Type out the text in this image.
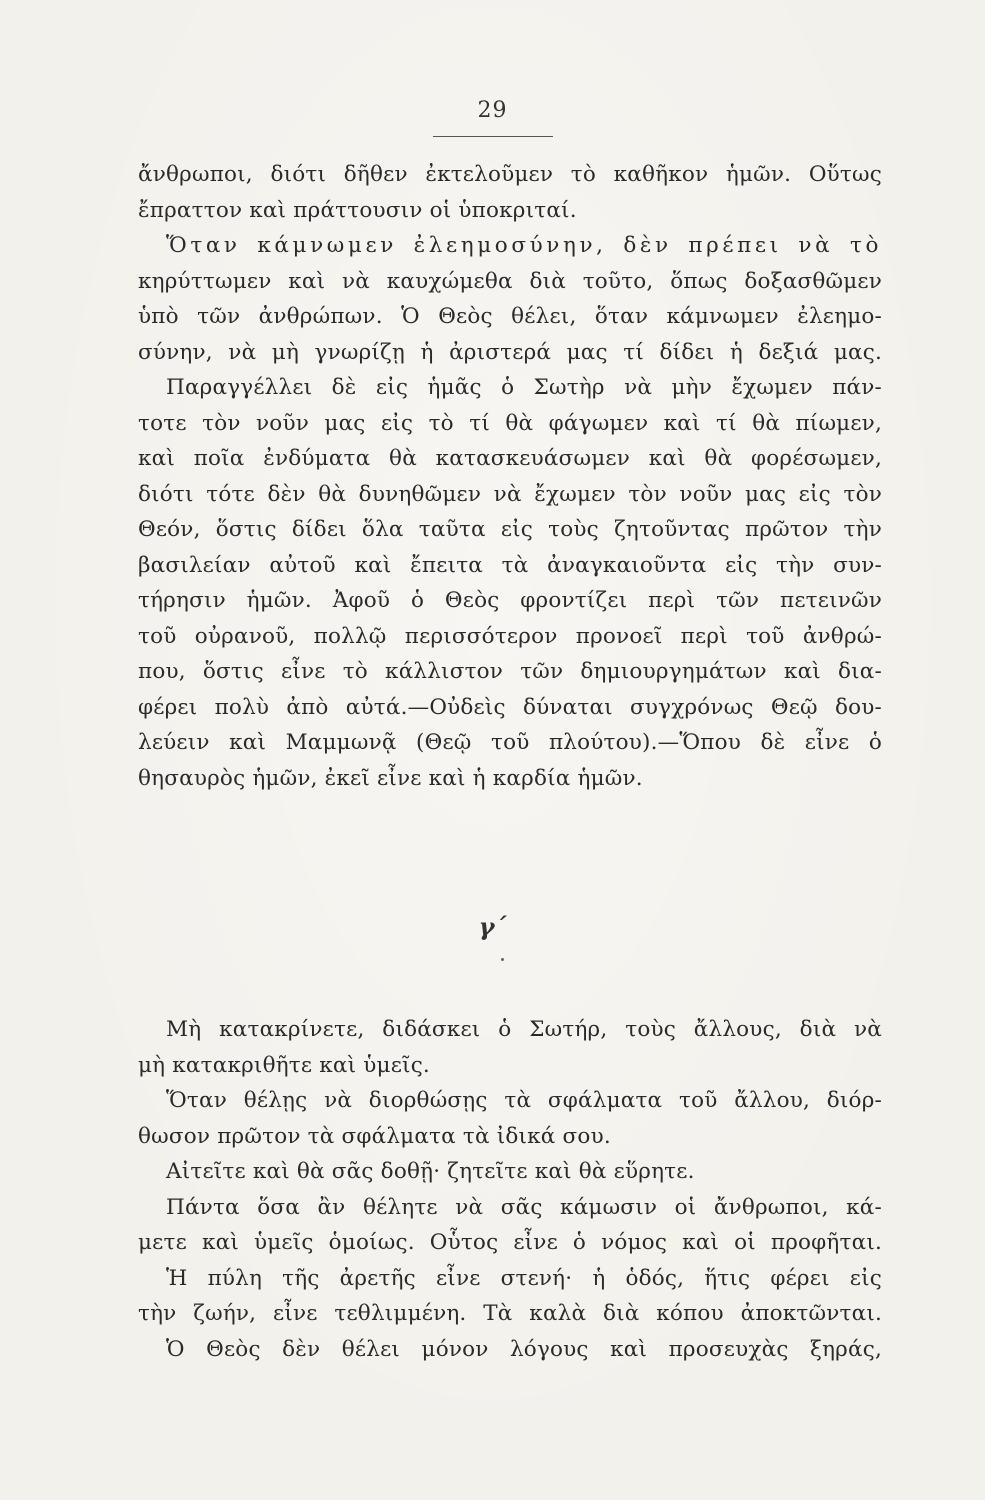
29
ἄνθρωποι, διότι δῆθεν ἐκτελοῦμεν τὸ καθῆκον ἡμῶν. Οὕτως
ἔπραττον καὶ πράττουσιν οἱ ὑποκριταί.
Ὅταν κάμνωμεν ἐλεημοσύνην, δὲν πρέπει νὰ τὸ
κηρύττωμεν καὶ νὰ καυχώμεθα διὰ τοῦτο, ὅπως δοξασθῶμεν
ὑπὸ τῶν ἀνθρώπων. Ὁ Θεὸς θέλει, ὅταν κάμνωμεν ἐλεημο-
σύνην, νὰ μὴ γνωρίζῃ ἡ ἀριστερά μας τί δίδει ἡ δεξιά μας.
Παραγγέλλει δὲ εἰς ἡμᾶς ὁ Σωτὴρ νὰ μὴν ἔχωμεν πάν-
τοτε τὸν νοῦν μας εἰς τὸ τί θὰ φάγωμεν καὶ τί θὰ πίωμεν,
καὶ ποῖα ἐνδύματα θὰ κατασκευάσωμεν καὶ θὰ φορέσωμεν,
διότι τότε δὲν θὰ δυνηθῶμεν νὰ ἔχωμεν τὸν νοῦν μας εἰς τὸν
Θεόν, ὅστις δίδει ὅλα ταῦτα εἰς τοὺς ζητοῦντας πρῶτον τὴν
βασιλείαν αὐτοῦ καὶ ἔπειτα τὰ ἀναγκαιοῦντα εἰς τὴν συν-
τήρησιν ἡμῶν. Ἀφοῦ ὁ Θεὸς φροντίζει περὶ τῶν πετεινῶν
τοῦ οὐρανοῦ, πολλῷ περισσότερον προνοεῖ περὶ τοῦ ἀνθρώ-
που, ὅστις εἶνε τὸ κάλλιστον τῶν δημιουργημάτων καὶ δια-
φέρει πολὺ ἀπὸ αὐτά.—Οὐδεὶς δύναται συγχρόνως Θεῷ δου-
λεύειν καὶ Μαμμωνᾷ (Θεῷ τοῦ πλούτου).—Ὅπου δὲ εἶνε ὁ
θησαυρὸς ἡμῶν, ἐκεῖ εἶνε καὶ ἡ καρδία ἡμῶν.
γ΄
Μὴ κατακρίνετε, διδάσκει ὁ Σωτήρ, τοὺς ἄλλους, διὰ νὰ
μὴ κατακριθῆτε καὶ ὑμεῖς.
Ὅταν θέλῃς νὰ διορθώσῃς τὰ σφάλματα τοῦ ἄλλου, διόρ-
θωσον πρῶτον τὰ σφάλματα τὰ ἰδικά σου.
Αἰτεῖτε καὶ θὰ σᾶς δοθῇ· ζητεῖτε καὶ θὰ εὕρητε.
Πάντα ὅσα ἂν θέλητε νὰ σᾶς κάμωσιν οἱ ἄνθρωποι, κά-
μετε καὶ ὑμεῖς ὁμοίως. Οὗτος εἶνε ὁ νόμος καὶ οἱ προφῆται.
Ἡ πύλη τῆς ἀρετῆς εἶνε στενή· ἡ ὁδός, ἥτις φέρει εἰς
τὴν ζωήν, εἶνε τεθλιμμένη. Τὰ καλὰ διὰ κόπου ἀποκτῶνται.
Ὁ Θεὸς δὲν θέλει μόνον λόγους καὶ προσευχὰς ξηράς,
